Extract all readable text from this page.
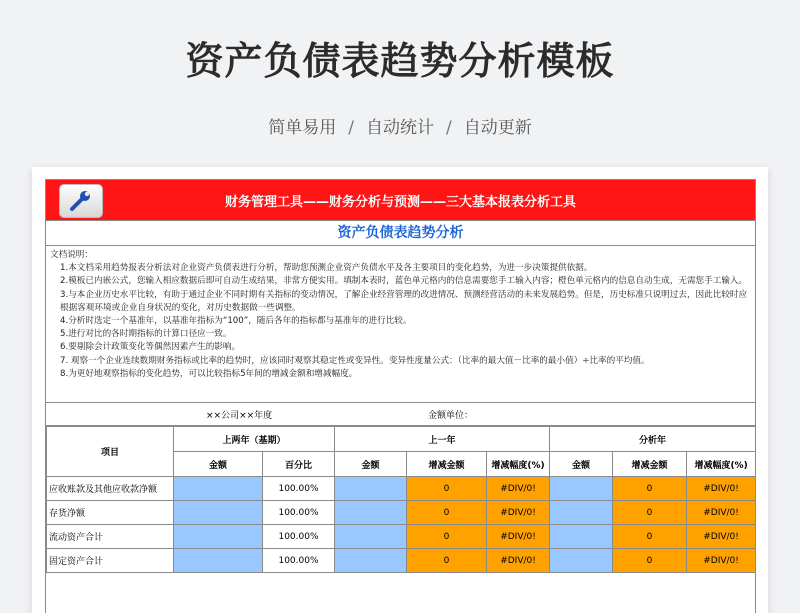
资产负债表趋势分析模板
简单易用 / 自动统计 / 自动更新
财务管理工具——财务分析与预测——三大基本报表分析工具
资产负债表趋势分析

文档说明：

1.本文档采用趋势报表分析法对企业资产负债表进行分析，帮助您预测企业资产负债水平及各主要项目的变化趋势，为进一步决策提供依据。

2.模板已内嵌公式，您输入相应数据后即可自动生成结果，非常方便实用。填制本表时，蓝色单元格内的信息需要您手工输入内容；橙色单元格内的信息自动生成，无需您手工输入。

3.与本企业历史水平比较，有助于通过企业不同时期有关指标的变动情况，了解企业经营管理的改进情况、预测经营活动的未来发展趋势。但是，历史标准只说明过去，因此比较时应根据客观环境或企业自身状况的变化，对历史数据做一些调整。

4.分析时选定一个基准年，以基准年指标为“100”，随后各年的指标都与基准年的进行比较。

5.进行对比的各时期指标的计算口径应一致。

6.要剔除会计政策变化等偶然因素产生的影响。

7. 观察一个企业连续数期财务指标或比率的趋势时，应该同时观察其稳定性或变异性。变异性度量公式：（比率的最大值－比率的最小值）÷比率的平均值。

8.为更好地观察指标的变化趋势，可以比较指标5年间的增减金额和增减幅度。

××公司××年度	金额单位：
项目	上两年（基期）		上一年			分析年		
	金额	百分比	金额	增减金额	增减幅度(%)	金额	增减金额	增减幅度(%)
应收账款及其他应收款净额		100.00%		0	#DIV/0!		0	#DIV/0!
存货净额		100.00%		0	#DIV/0!		0	#DIV/0!
流动资产合计		100.00%		0	#DIV/0!		0	#DIV/0!
固定资产合计		100.00%		0	#DIV/0!		0	#DIV/0!
